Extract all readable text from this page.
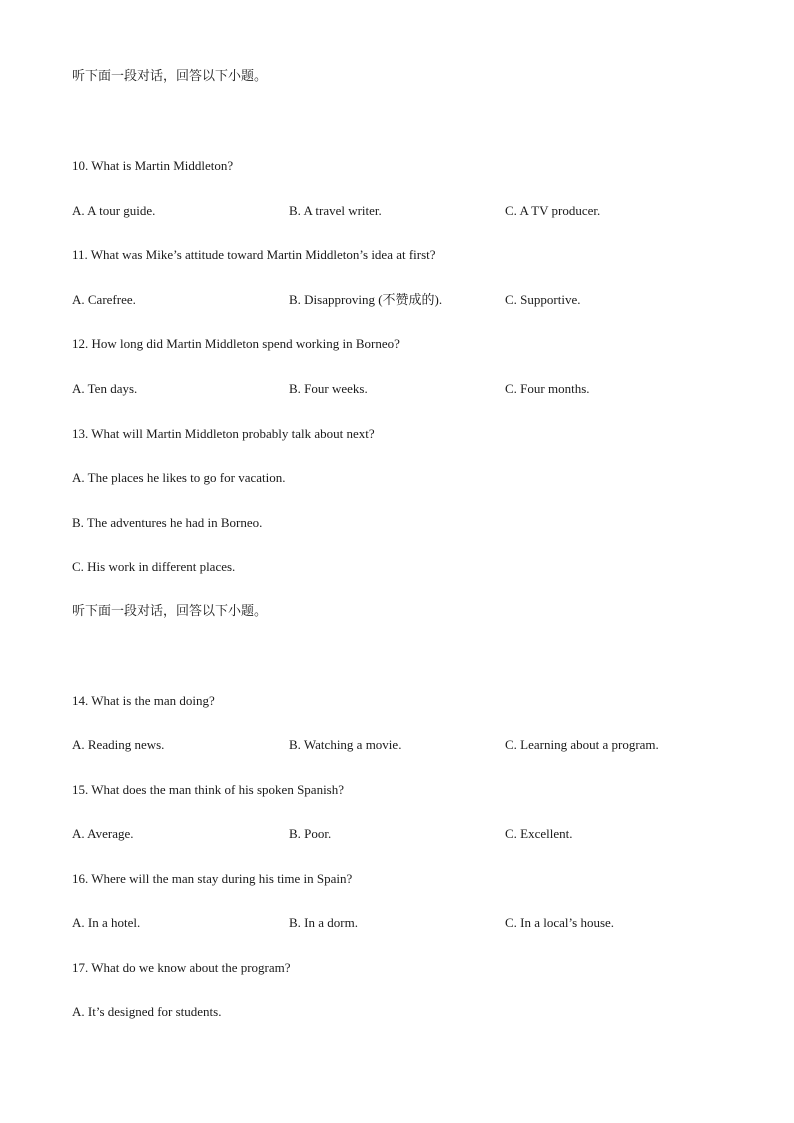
听下面一段对话，回答以下小题。
10. What is Martin Middleton?
A. A tour guide.	B. A travel writer.	C. A TV producer.
11. What was Mike’s attitude toward Martin Middleton’s idea at first?
A. Carefree.	B. Disapproving (不赞成的).	C. Supportive.
12. How long did Martin Middleton spend working in Borneo?
A. Ten days.	B. Four weeks.	C. Four months.
13. What will Martin Middleton probably talk about next?
A. The places he likes to go for vacation.
B. The adventures he had in Borneo.
C. His work in different places.
听下面一段对话，回答以下小题。
14. What is the man doing?
A. Reading news.	B. Watching a movie.	C. Learning about a program.
15. What does the man think of his spoken Spanish?
A. Average.	B. Poor.	C. Excellent.
16. Where will the man stay during his time in Spain?
A. In a hotel.	B. In a dorm.	C. In a local’s house.
17. What do we know about the program?
A. It’s designed for students.
